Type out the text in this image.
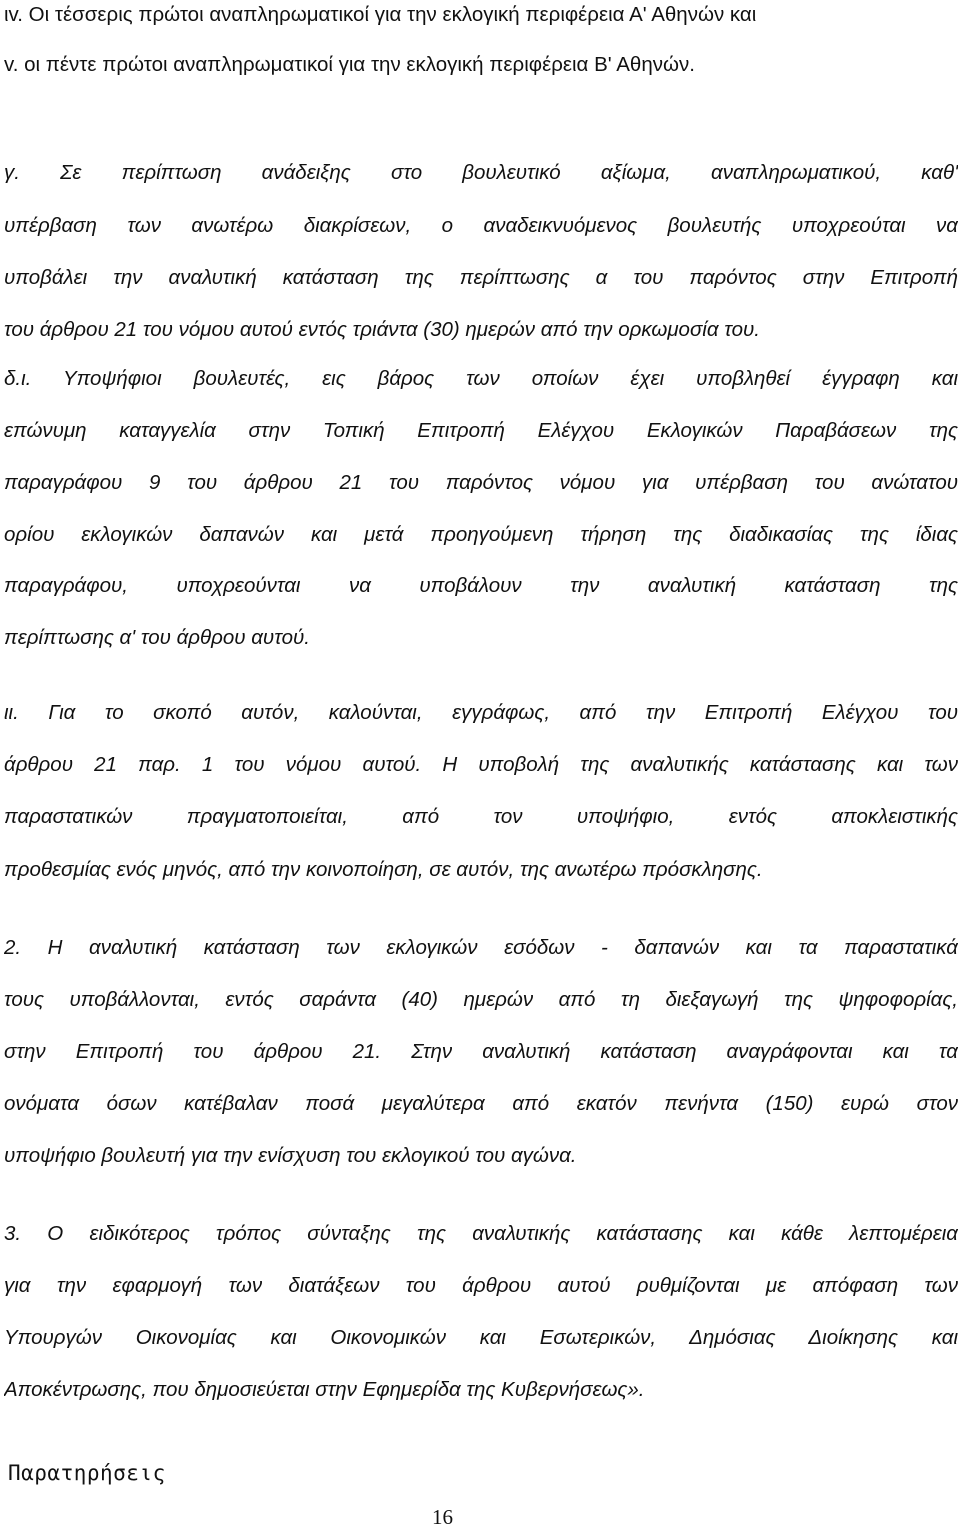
ιv. Οι τέσσερις πρώτοι αναπληρωματικοί για την εκλογική περιφέρεια Α' Αθηνών και
v. οι πέντε πρώτοι αναπληρωματικοί για την εκλογική περιφέρεια Β' Αθηνών.
γ. Σε περίπτωση ανάδειξης στο βουλευτικό αξίωμα, αναπληρωματικού, καθ'
υπέρβαση των ανωτέρω διακρίσεων, ο αναδεικνυόμενος βουλευτής υποχρεούται να
υποβάλει την αναλυτική κατάσταση της περίπτωσης α του παρόντος στην Επιτροπή
του άρθρου 21 του νόμου αυτού εντός τριάντα (30) ημερών από την ορκωμοσία του.
δ.ι. Υποψήφιοι βουλευτές, εις βάρος των οποίων έχει υποβληθεί έγγραφη και
επώνυμη καταγγελία στην Τοπική Επιτροπή Ελέγχου Εκλογικών Παραβάσεων της
παραγράφου 9 του άρθρου 21 του παρόντος νόμου για υπέρβαση του ανώτατου
ορίου εκλογικών δαπανών και μετά προηγούμενη τήρηση της διαδικασίας της ίδιας
παραγράφου, υποχρεούνται να υποβάλουν την αναλυτική κατάσταση της
περίπτωσης α' του άρθρου αυτού.
ιι. Για το σκοπό αυτόν, καλούνται, εγγράφως, από την Επιτροπή Ελέγχου του
άρθρου 21 παρ. 1 του νόμου αυτού. Η υποβολή της αναλυτικής κατάστασης και των
παραστατικών πραγματοποιείται, από τον υποψήφιο, εντός αποκλειστικής
προθεσμίας ενός μηνός, από την κοινοποίηση, σε αυτόν, της ανωτέρω πρόσκλησης.
2. Η αναλυτική κατάσταση των εκλογικών εσόδων - δαπανών και τα παραστατικά
τους υποβάλλονται, εντός σαράντα (40) ημερών από τη διεξαγωγή της ψηφοφορίας,
στην Επιτροπή του άρθρου 21. Στην αναλυτική κατάσταση αναγράφονται και τα
ονόματα όσων κατέβαλαν ποσά μεγαλύτερα από εκατόν πενήντα (150) ευρώ στον
υποψήφιο βουλευτή για την ενίσχυση του εκλογικού του αγώνα.
3. Ο ειδικότερος τρόπος σύνταξης της αναλυτικής κατάστασης και κάθε λεπτομέρεια
για την εφαρμογή των διατάξεων του άρθρου αυτού ρυθμίζονται με απόφαση των
Υπουργών Οικονομίας και Οικονομικών και Εσωτερικών, Δημόσιας Διοίκησης και
Αποκέντρωσης, που δημοσιεύεται στην Εφημερίδα της Κυβερνήσεως».
Παρατηρήσεις
16
